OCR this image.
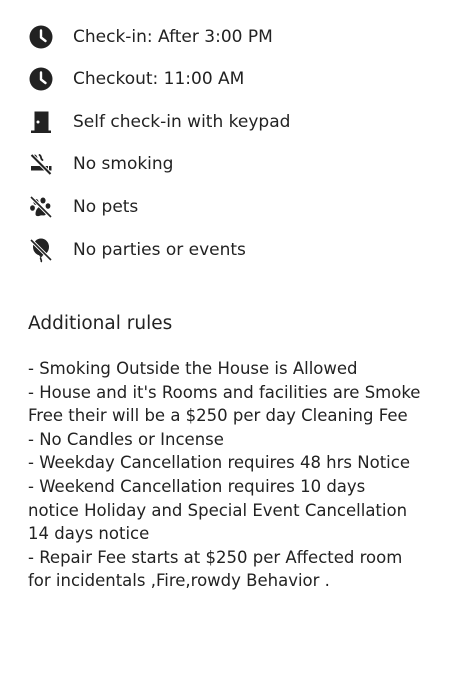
Check-in: After 3:00 PM
Checkout: 11:00 AM
Self check-in with keypad
No smoking
No pets
No parties or events
Additional rules
- Smoking Outside the House is Allowed
- House and it's Rooms and facilities are Smoke
Free their will be a $250 per day Cleaning Fee
- No Candles or Incense
- Weekday Cancellation requires 48 hrs Notice
- Weekend Cancellation requires 10 days
notice Holiday and Special Event Cancellation
14 days notice
- Repair Fee starts at $250 per Affected room
for incidentals ,Fire,rowdy Behavior .
